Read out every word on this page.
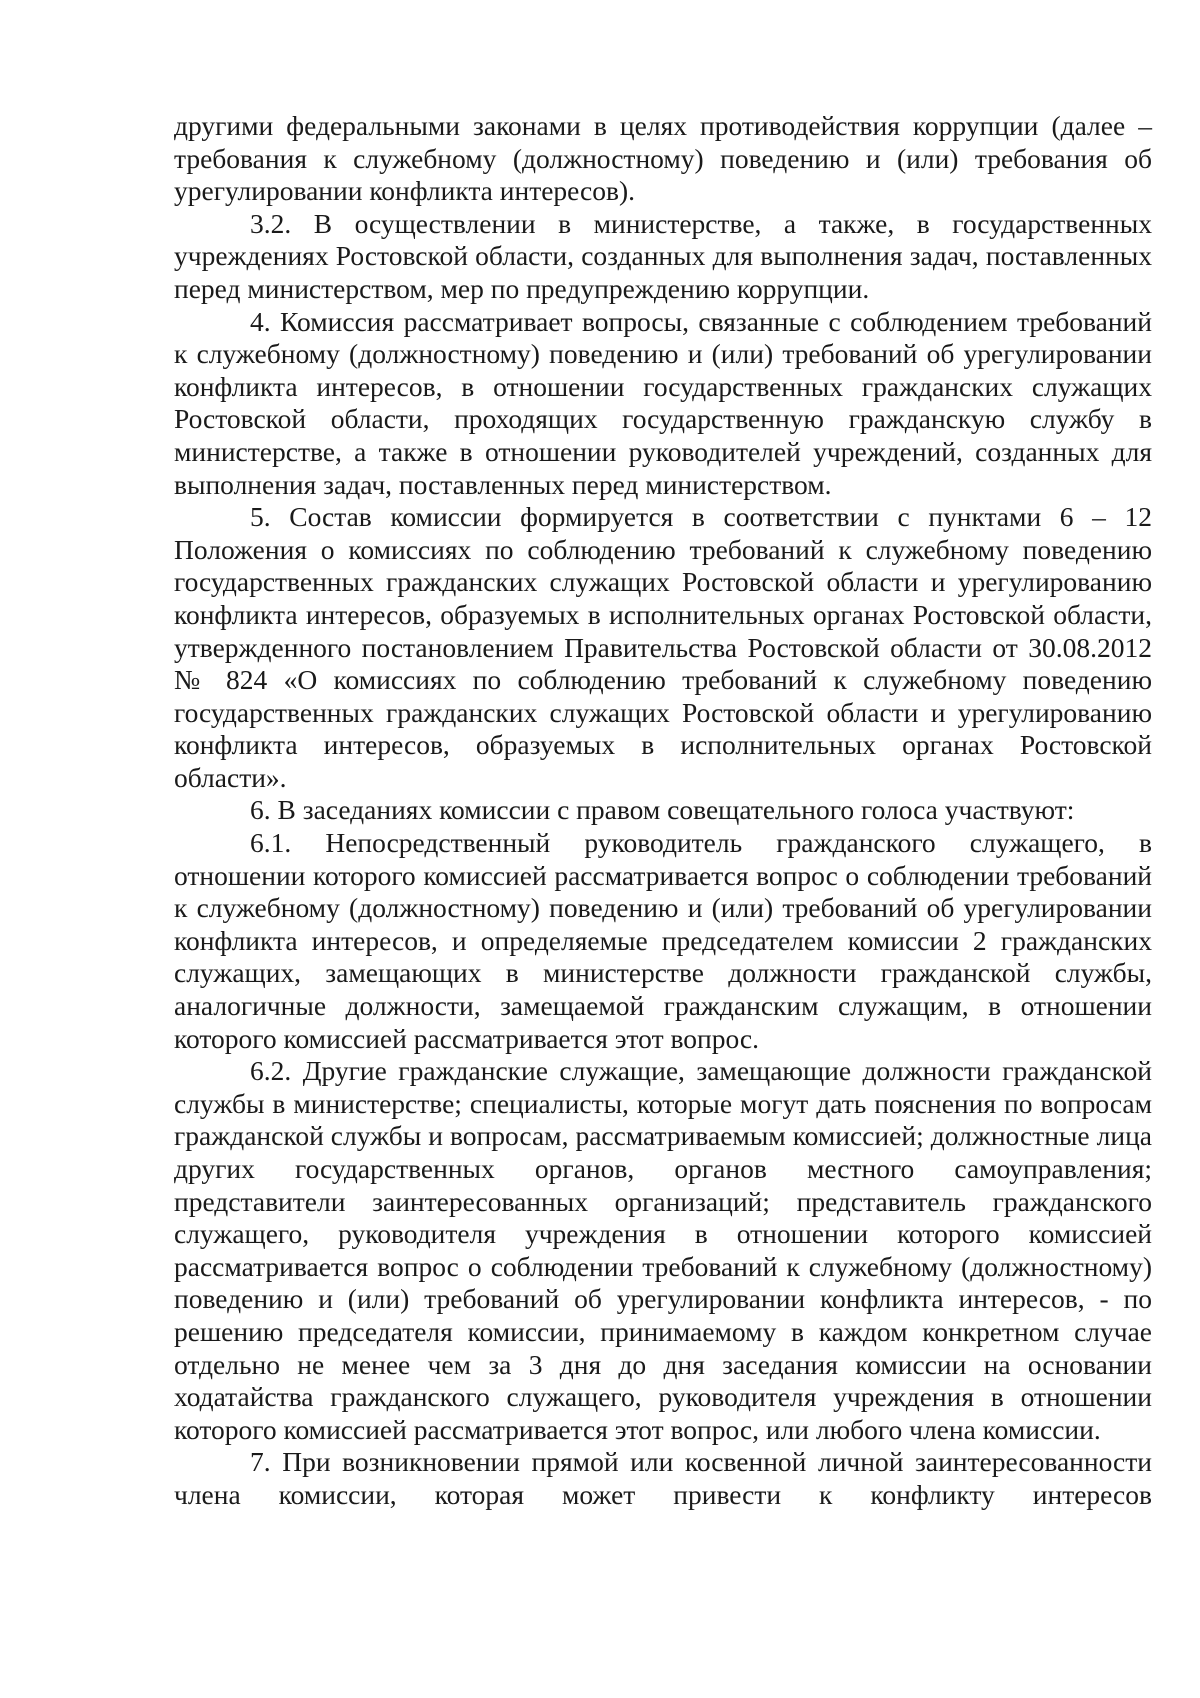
другими федеральными законами в целях противодействия коррупции (далее – требования к служебному (должностному) поведению и (или) требования об урегулировании конфликта интересов).

3.2. В осуществлении в министерстве, а также, в государственных учреждениях Ростовской области, созданных для выполнения задач, поставленных перед министерством, мер по предупреждению коррупции.

4. Комиссия рассматривает вопросы, связанные с соблюдением требований к служебному (должностному) поведению и (или) требований об урегулировании конфликта интересов, в отношении государственных гражданских служащих Ростовской области, проходящих государственную гражданскую службу в министерстве, а также в отношении руководителей учреждений, созданных для выполнения задач, поставленных перед министерством.

5. Состав комиссии формируется в соответствии с пунктами 6 – 12 Положения о комиссиях по соблюдению требований к служебному поведению государственных гражданских служащих Ростовской области и урегулированию конфликта интересов, образуемых в исполнительных органах Ростовской области, утвержденного постановлением Правительства Ростовской области от 30.08.2012 № 824 «О комиссиях по соблюдению требований к служебному поведению государственных гражданских служащих Ростовской области и урегулированию конфликта интересов, образуемых в исполнительных органах Ростовской области».

6. В заседаниях комиссии с правом совещательного голоса участвуют:

6.1. Непосредственный руководитель гражданского служащего, в отношении которого комиссией рассматривается вопрос о соблюдении требований к служебному (должностному) поведению и (или) требований об урегулировании конфликта интересов, и определяемые председателем комиссии 2 гражданских служащих, замещающих в министерстве должности гражданской службы, аналогичные должности, замещаемой гражданским служащим, в отношении которого комиссией рассматривается этот вопрос.

6.2. Другие гражданские служащие, замещающие должности гражданской службы в министерстве; специалисты, которые могут дать пояснения по вопросам гражданской службы и вопросам, рассматриваемым комиссией; должностные лица других государственных органов, органов местного самоуправления; представители заинтересованных организаций; представитель гражданского служащего, руководителя учреждения в отношении которого комиссией рассматривается вопрос о соблюдении требований к служебному (должностному) поведению и (или) требований об урегулировании конфликта интересов, - по решению председателя комиссии, принимаемому в каждом конкретном случае отдельно не менее чем за 3 дня до дня заседания комиссии на основании ходатайства гражданского служащего, руководителя учреждения в отношении которого комиссией рассматривается этот вопрос, или любого члена комиссии.

7. При возникновении прямой или косвенной личной заинтересованности члена комиссии, которая может привести к конфликту интересов
